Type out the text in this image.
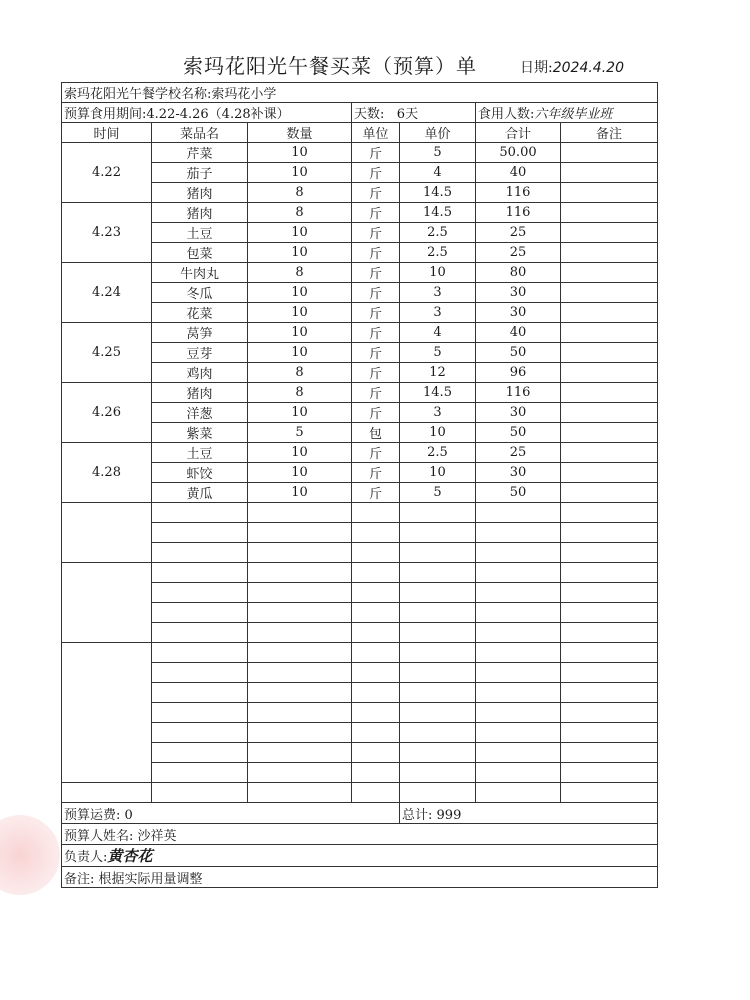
索玛花阳光午餐买菜（预算）单	日期:2024.4.20
索玛花阳光午餐学校名称:索玛花小学						
预算食用期间:4.22-4.26（4.28补课）			天数: 6天		食用人数:六年级毕业班	
时间	菜品名	数量	单位	单价	合计	备注
4.22	芹菜	10	斤	5	50.00	
	茄子	10	斤	4	40	
	猪肉	8	斤	14.5	116	
4.23	猪肉	8	斤	14.5	116	
	土豆	10	斤	2.5	25	
	包菜	10	斤	2.5	25	
4.24	牛肉丸	8	斤	10	80	
	冬瓜	10	斤	3	30	
	花菜	10	斤	3	30	
4.25	莴笋	10	斤	4	40	
	豆芽	10	斤	5	50	
	鸡肉	8	斤	12	96	
4.26	猪肉	8	斤	14.5	116	
	洋葱	10	斤	3	30	
	紫菜	5	包	10	50	
4.28	土豆	10	斤	2.5	25	
	虾饺	10	斤	10	30	
	黄瓜	10	斤	5	50	

预算运费: 0				总计: 999		
预算人姓名: 沙祥英						
负责人:黄杏花						
备注: 根据实际用量调整						
